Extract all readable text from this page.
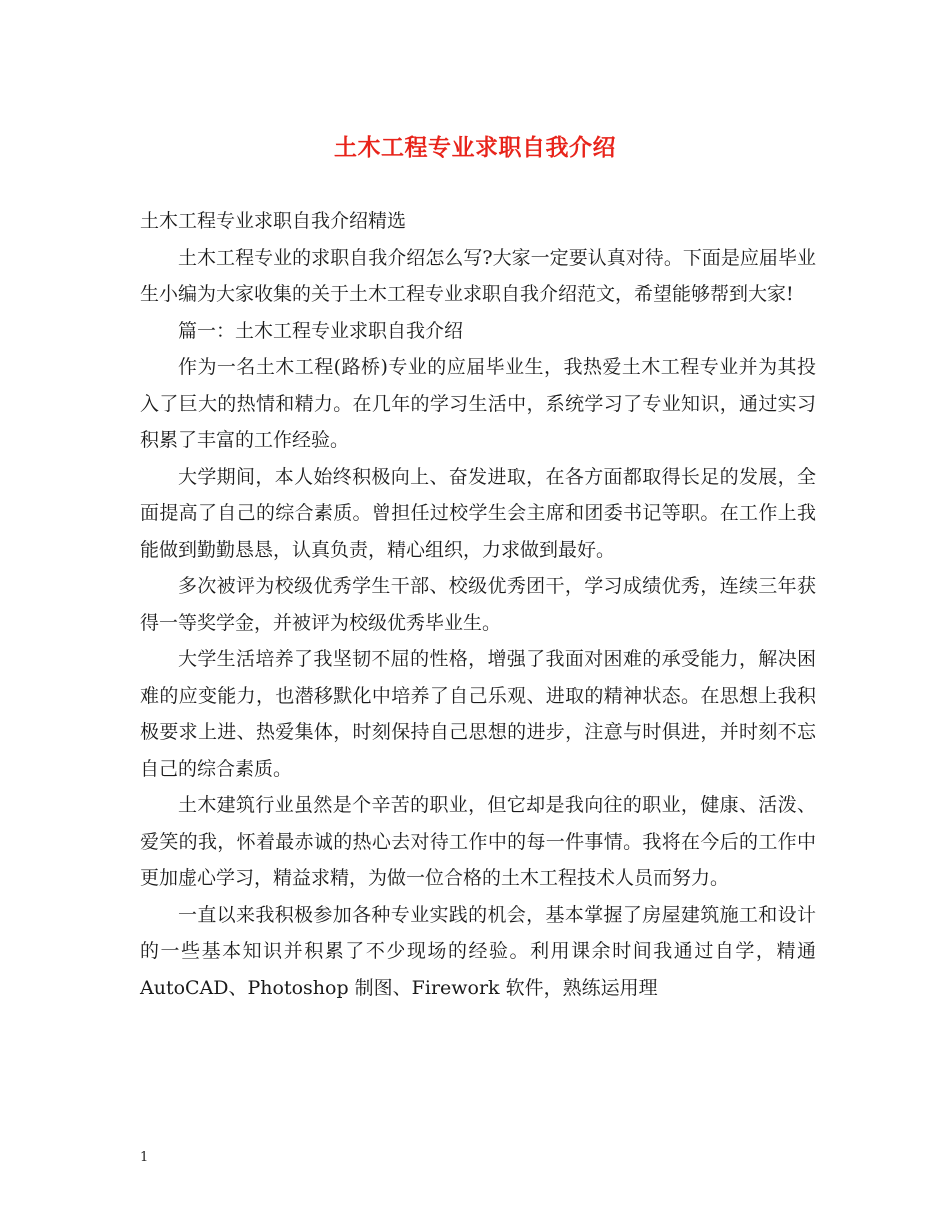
土木工程专业求职自我介绍

土木工程专业求职自我介绍精选

土木工程专业的求职自我介绍怎么写?大家一定要认真对待。下面是应届毕业生小编为大家收集的关于土木工程专业求职自我介绍范文，希望能够帮到大家!

篇一：土木工程专业求职自我介绍

作为一名土木工程(路桥)专业的应届毕业生，我热爱土木工程专业并为其投入了巨大的热情和精力。在几年的学习生活中，系统学习了专业知识，通过实习积累了丰富的工作经验。

大学期间，本人始终积极向上、奋发进取，在各方面都取得长足的发展，全面提高了自己的综合素质。曾担任过校学生会主席和团委书记等职。在工作上我能做到勤勤恳恳，认真负责，精心组织，力求做到最好。

多次被评为校级优秀学生干部、校级优秀团干，学习成绩优秀，连续三年获得一等奖学金，并被评为校级优秀毕业生。

大学生活培养了我坚韧不屈的性格，增强了我面对困难的承受能力，解决困难的应变能力，也潜移默化中培养了自己乐观、进取的精神状态。在思想上我积极要求上进、热爱集体，时刻保持自己思想的进步，注意与时俱进，并时刻不忘自己的综合素质。

土木建筑行业虽然是个辛苦的职业，但它却是我向往的职业，健康、活泼、爱笑的我，怀着最赤诚的热心去对待工作中的每一件事情。我将在今后的工作中更加虚心学习，精益求精，为做一位合格的土木工程技术人员而努力。

一直以来我积极参加各种专业实践的机会，基本掌握了房屋建筑施工和设计的一些基本知识并积累了不少现场的经验。利用课余时间我通过自学，精通 AutoCAD、Photoshop 制图、Firework 软件，熟练运用理

1
